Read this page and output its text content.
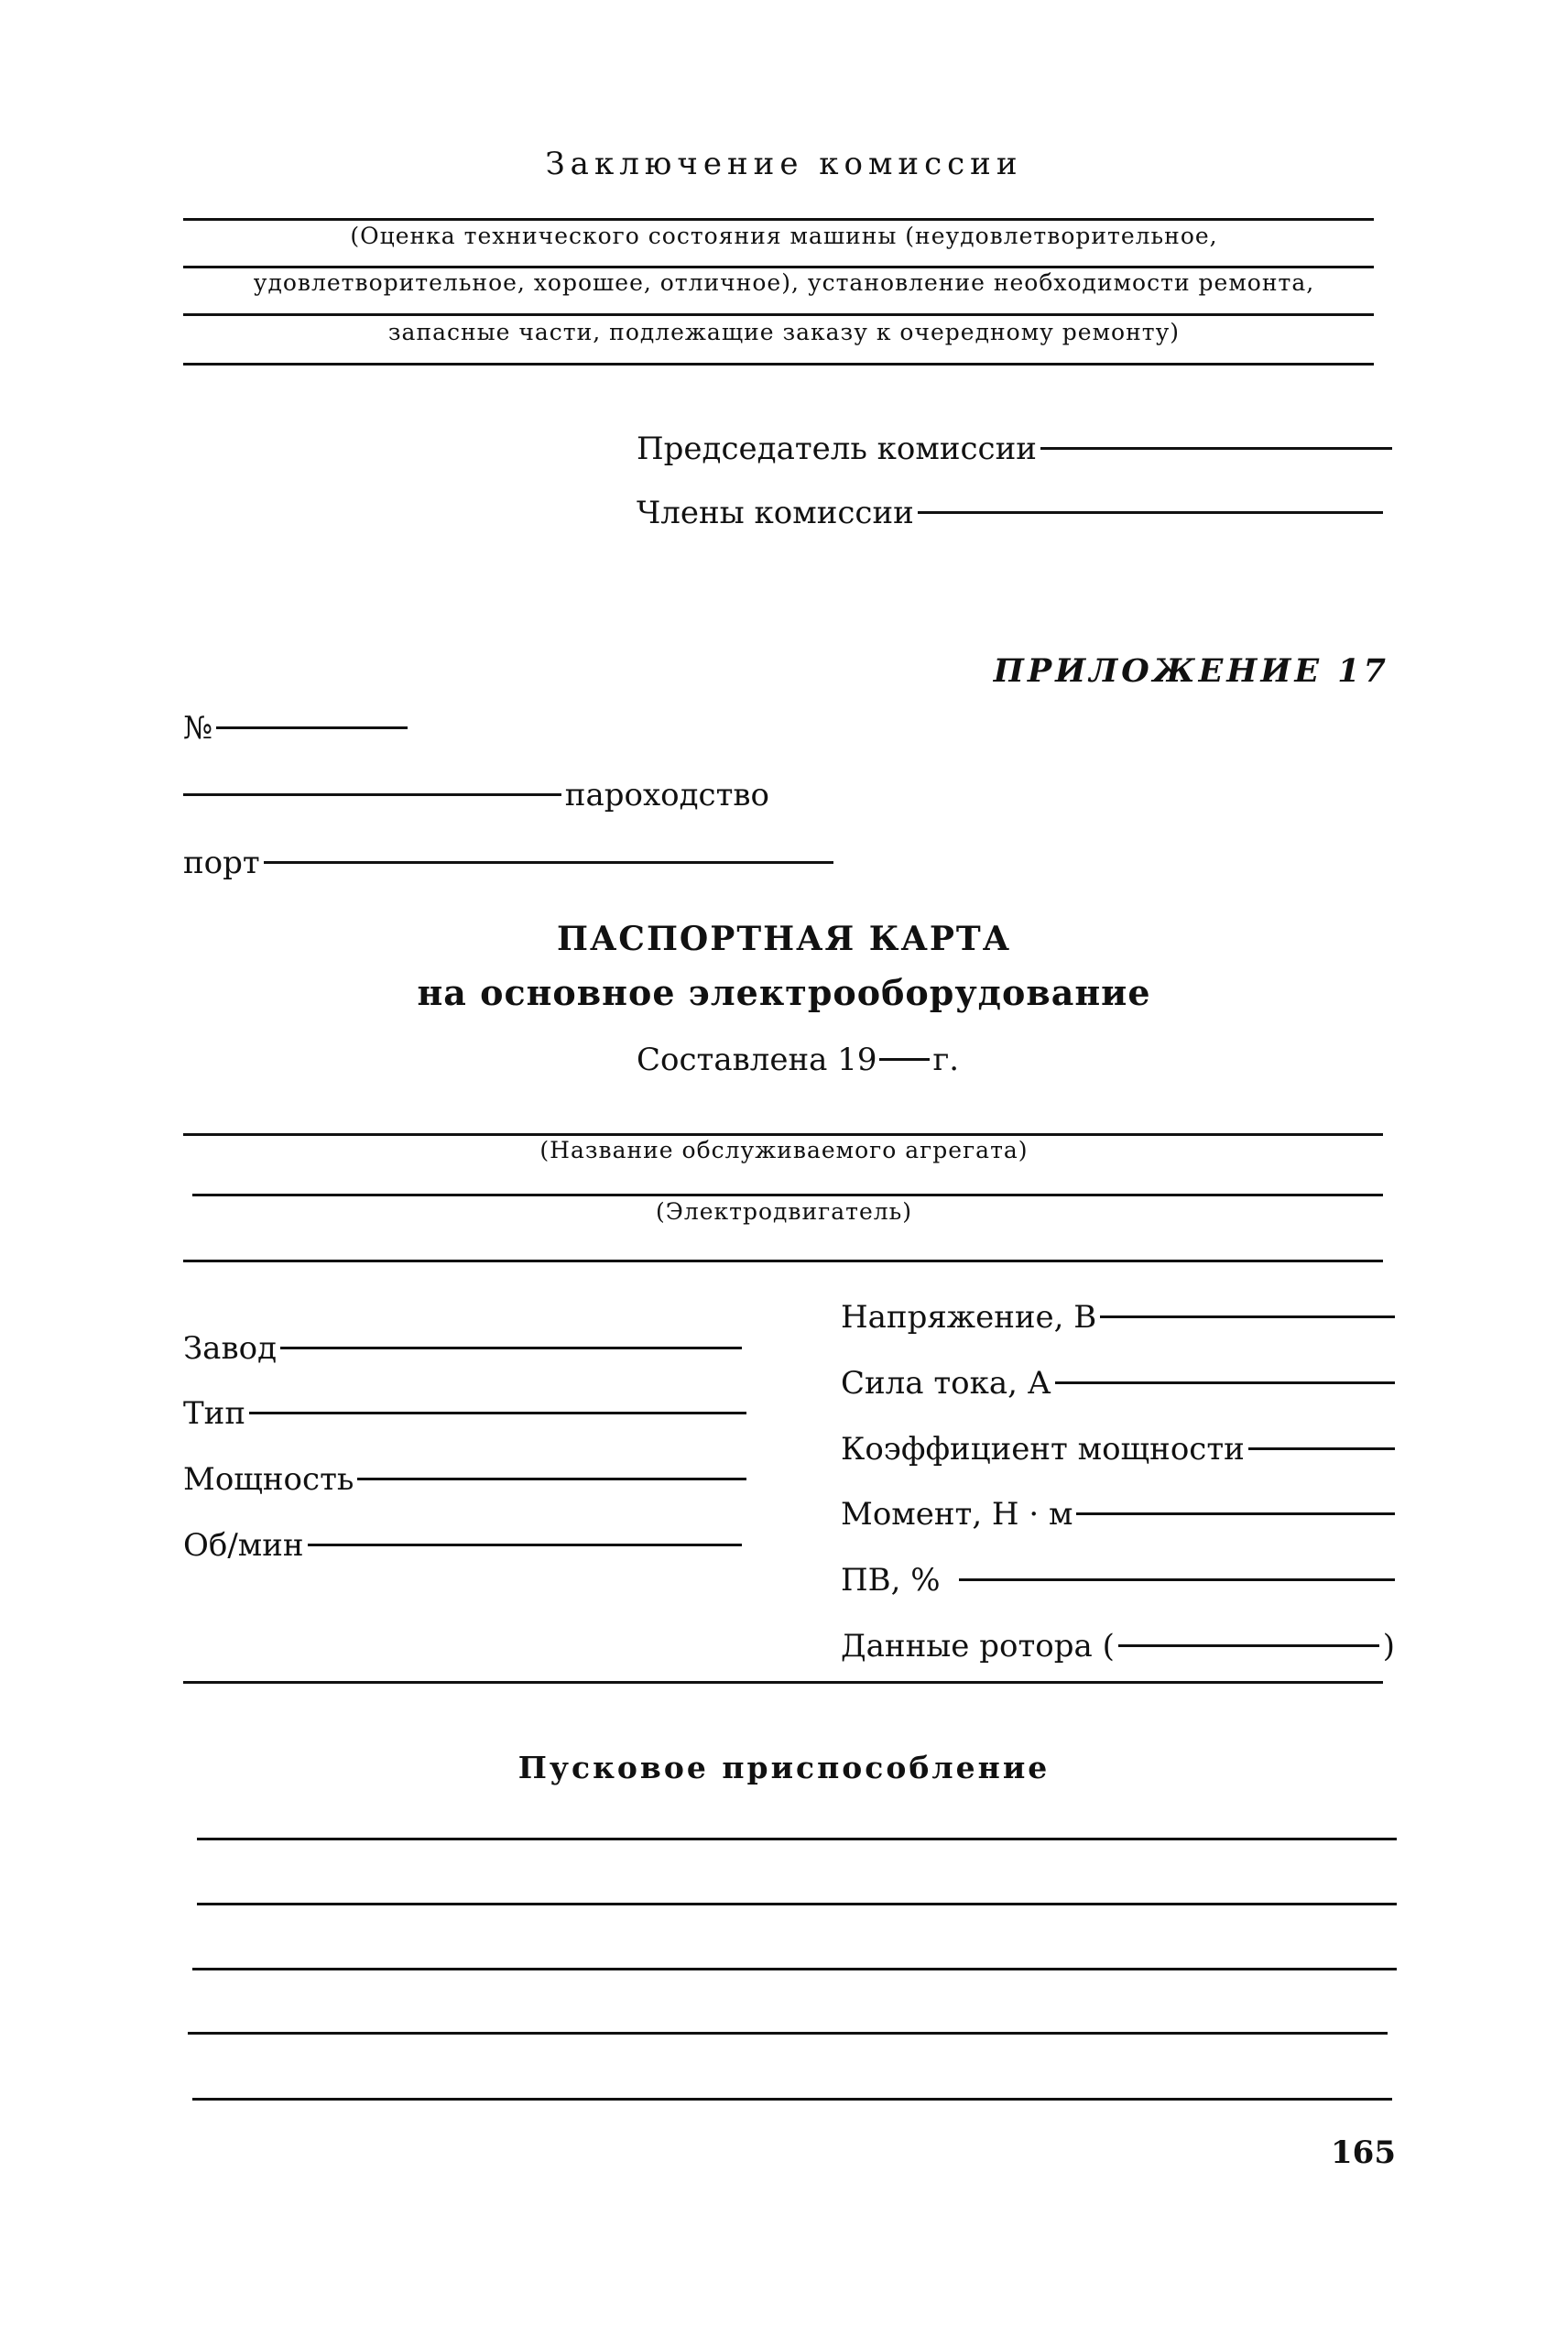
Заключение комиссии
(Оценка технического состояния машины (неудовлетворительное,
удовлетворительное, хорошее, отличное), установление необходимости ремонта,
запасные части, подлежащие заказу к очередному ремонту)
Председатель комиссии
Члены комиссии
ПРИЛОЖЕНИЕ 17
№
пароходство
порт
ПАСПОРТНАЯ КАРТА
на основное электрооборудование
Составлена 19 г.
(Название обслуживаемого агрегата)
(Электродвигатель)
Завод
Тип
Мощность
Об/мин
Напряжение, В
Сила тока, А
Коэффициент мощности
Момент, Н · м
ПВ, %
Данные ротора (	)
Пусковое приспособление
165
